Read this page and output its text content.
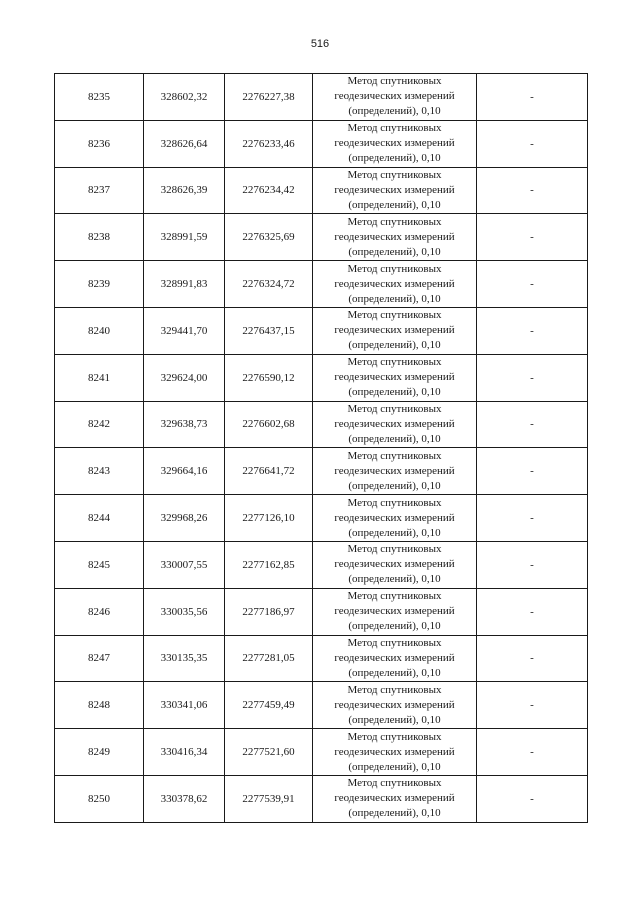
516
8235	328602,32	2276227,38	Метод спутниковых
геодезических измерений
(определений), 0,10	-
8236	328626,64	2276233,46	Метод спутниковых
геодезических измерений
(определений), 0,10	-
8237	328626,39	2276234,42	Метод спутниковых
геодезических измерений
(определений), 0,10	-
8238	328991,59	2276325,69	Метод спутниковых
геодезических измерений
(определений), 0,10	-
8239	328991,83	2276324,72	Метод спутниковых
геодезических измерений
(определений), 0,10	-
8240	329441,70	2276437,15	Метод спутниковых
геодезических измерений
(определений), 0,10	-
8241	329624,00	2276590,12	Метод спутниковых
геодезических измерений
(определений), 0,10	-
8242	329638,73	2276602,68	Метод спутниковых
геодезических измерений
(определений), 0,10	-
8243	329664,16	2276641,72	Метод спутниковых
геодезических измерений
(определений), 0,10	-
8244	329968,26	2277126,10	Метод спутниковых
геодезических измерений
(определений), 0,10	-
8245	330007,55	2277162,85	Метод спутниковых
геодезических измерений
(определений), 0,10	-
8246	330035,56	2277186,97	Метод спутниковых
геодезических измерений
(определений), 0,10	-
8247	330135,35	2277281,05	Метод спутниковых
геодезических измерений
(определений), 0,10	-
8248	330341,06	2277459,49	Метод спутниковых
геодезических измерений
(определений), 0,10	-
8249	330416,34	2277521,60	Метод спутниковых
геодезических измерений
(определений), 0,10	-
8250	330378,62	2277539,91	Метод спутниковых
геодезических измерений
(определений), 0,10	-
